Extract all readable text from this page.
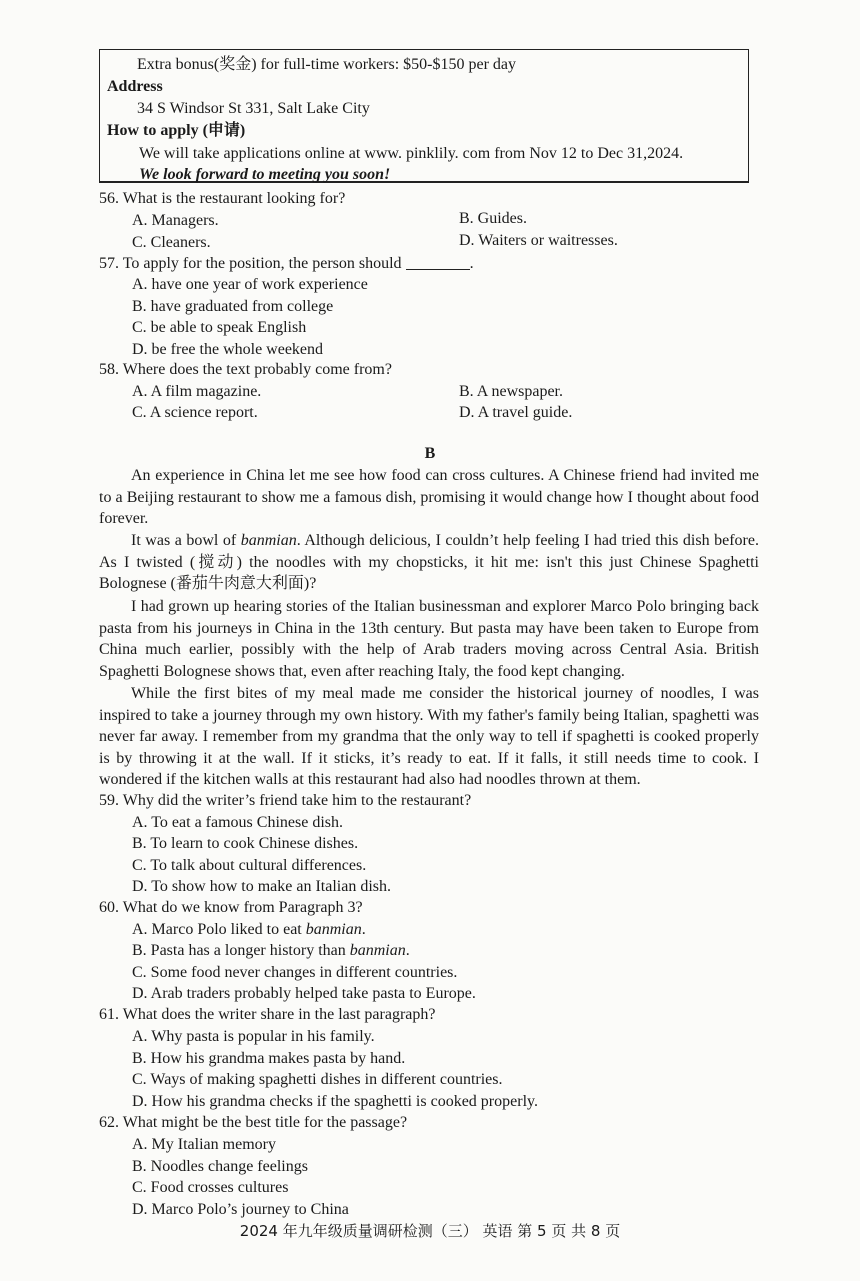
Extra bonus(奖金) for full-time workers: $50-$150 per day
Address
34 S Windsor St 331, Salt Lake City
How to apply (申请)
We will take applications online at www. pinklily. com from Nov 12 to Dec 31,2024.
We look forward to meeting you soon!
56. What is the restaurant looking for?
A. Managers.	B. Guides.
C. Cleaners.	D. Waiters or waitresses.
57. To apply for the position, the person should	.
A. have one year of work experience
B. have graduated from college
C. be able to speak English
D. be free the whole weekend
58. Where does the text probably come from?
A. A film magazine.	B. A newspaper.
C. A science report.	D. A travel guide.
B
An experience in China let me see how food can cross cultures. A Chinese friend had invited me to a Beijing restaurant to show me a famous dish, promising it would change how I thought about food forever.
It was a bowl of banmian. Although delicious, I couldn’t help feeling I had tried this dish before. As I twisted (搅动) the noodles with my chopsticks, it hit me: isn't this just Chinese Spaghetti Bolognese (番茄牛肉意大利面)?
I had grown up hearing stories of the Italian businessman and explorer Marco Polo bringing back pasta from his journeys in China in the 13th century. But pasta may have been taken to Europe from China much earlier, possibly with the help of Arab traders moving across Central Asia. British Spaghetti Bolognese shows that, even after reaching Italy, the food kept changing.
While the first bites of my meal made me consider the historical journey of noodles, I was inspired to take a journey through my own history. With my father's family being Italian, spaghetti was never far away. I remember from my grandma that the only way to tell if spaghetti is cooked properly is by throwing it at the wall. If it sticks, it’s ready to eat. If it falls, it still needs time to cook. I wondered if the kitchen walls at this restaurant had also had noodles thrown at them.
59. Why did the writer’s friend take him to the restaurant?
A. To eat a famous Chinese dish.
B. To learn to cook Chinese dishes.
C. To talk about cultural differences.
D. To show how to make an Italian dish.
60. What do we know from Paragraph 3?
A. Marco Polo liked to eat banmian.
B. Pasta has a longer history than banmian.
C. Some food never changes in different countries.
D. Arab traders probably helped take pasta to Europe.
61. What does the writer share in the last paragraph?
A. Why pasta is popular in his family.
B. How his grandma makes pasta by hand.
C. Ways of making spaghetti dishes in different countries.
D. How his grandma checks if the spaghetti is cooked properly.
62. What might be the best title for the passage?
A. My Italian memory
B. Noodles change feelings
C. Food crosses cultures
D. Marco Polo’s journey to China
2024 年九年级质量调研检测（三） 英语 第 5 页 共 8 页
